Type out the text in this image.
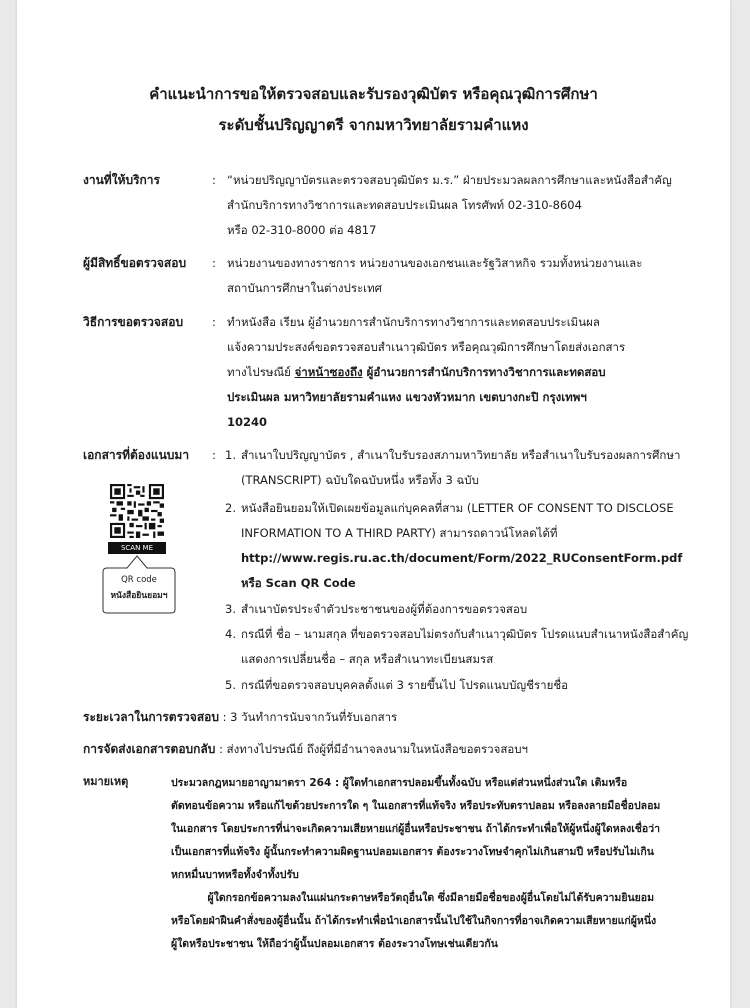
คำแนะนำการขอให้ตรวจสอบและรับรองวุฒิบัตร หรือคุณวุฒิการศึกษา
ระดับชั้นปริญญาตรี จากมหาวิทยาลัยรามคำแหง
งานที่ให้บริการ	: “หน่วยปริญญาบัตรและตรวจสอบวุฒิบัตร ม.ร.” ฝ่ายประมวลผลการศึกษาและหนังสือสำคัญ
สำนักบริการทางวิชาการและทดสอบประเมินผล โทรศัพท์ 02-310-8604
หรือ 02-310-8000 ต่อ 4817
ผู้มีสิทธิ์ขอตรวจสอบ : หน่วยงานของทางราชการ หน่วยงานของเอกชนและรัฐวิสาหกิจ รวมทั้งหน่วยงานและ
สถาบันการศึกษาในต่างประเทศ
วิธีการขอตรวจสอบ	: ทำหนังสือ เรียน ผู้อำนวยการสำนักบริการทางวิชาการและทดสอบประเมินผล
แจ้งความประสงค์ขอตรวจสอบสำเนาวุฒิบัตร หรือคุณวุฒิการศึกษาโดยส่งเอกสาร
ทางไปรษณีย์ จ่าหน้าซองถึง ผู้อำนวยการสำนักบริการทางวิชาการและทดสอบ
ประเมินผล มหาวิทยาลัยรามคำแหง แขวงหัวหมาก เขตบางกะปิ กรุงเทพฯ
10240
เอกสารที่ต้องแนบมา : 1. สำเนาใบปริญญาบัตร , สำเนาใบรับรองสภามหาวิทยาลัย หรือสำเนาใบรับรองผลการศึกษา
(TRANSCRIPT) ฉบับใดฉบับหนึ่ง หรือทั้ง 3 ฉบับ
2. หนังสือยินยอมให้เปิดเผยข้อมูลแก่บุคคลที่สาม (LETTER OF CONSENT TO DISCLOSE
INFORMATION TO A THIRD PARTY) สามารถดาวน์โหลดได้ที่
http://www.regis.ru.ac.th/document/Form/2022_RUConsentForm.pdf
หรือ Scan QR Code
3. สำเนาบัตรประจำตัวประชาชนของผู้ที่ต้องการขอตรวจสอบ
4. กรณีที่ ชื่อ – นามสกุล ที่ขอตรวจสอบไม่ตรงกับสำเนาวุฒิบัตร โปรดแนบสำเนาหนังสือสำคัญ
แสดงการเปลี่ยนชื่อ – สกุล หรือสำเนาทะเบียนสมรส
5. กรณีที่ขอตรวจสอบบุคคลตั้งแต่ 3 รายขึ้นไป โปรดแนบบัญชีรายชื่อ
SCAN ME
QR code
หนังสือยินยอมฯ
ระยะเวลาในการตรวจสอบ : 3 วันทำการนับจากวันที่รับเอกสาร
การจัดส่งเอกสารตอบกลับ : ส่งทางไปรษณีย์ ถึงผู้ที่มีอำนาจลงนามในหนังสือขอตรวจสอบฯ
หมายเหตุ	ประมวลกฎหมายอาญามาตรา 264 : ผู้ใดทำเอกสารปลอมขึ้นทั้งฉบับ หรือแต่ส่วนหนึ่งส่วนใด เติมหรือ
ตัดทอนข้อความ หรือแก้ไขด้วยประการใด ๆ ในเอกสารที่แท้จริง หรือประทับตราปลอม หรือลงลายมือชื่อปลอม
ในเอกสาร โดยประการที่น่าจะเกิดความเสียหายแก่ผู้อื่นหรือประชาชน ถ้าได้กระทำเพื่อให้ผู้หนึ่งผู้ใดหลงเชื่อว่า
เป็นเอกสารที่แท้จริง ผู้นั้นกระทำความผิดฐานปลอมเอกสาร ต้องระวางโทษจำคุกไม่เกินสามปี หรือปรับไม่เกิน
หกหมื่นบาทหรือทั้งจำทั้งปรับ
ผู้ใดกรอกข้อความลงในแผ่นกระดาษหรือวัตถุอื่นใด ซึ่งมีลายมือชื่อของผู้อื่นโดยไม่ได้รับความยินยอม
หรือโดยฝ่าฝืนคำสั่งของผู้อื่นนั้น ถ้าได้กระทำเพื่อนำเอกสารนั้นไปใช้ในกิจการที่อาจเกิดความเสียหายแก่ผู้หนึ่ง
ผู้ใดหรือประชาชน ให้ถือว่าผู้นั้นปลอมเอกสาร ต้องระวางโทษเช่นเดียวกัน
